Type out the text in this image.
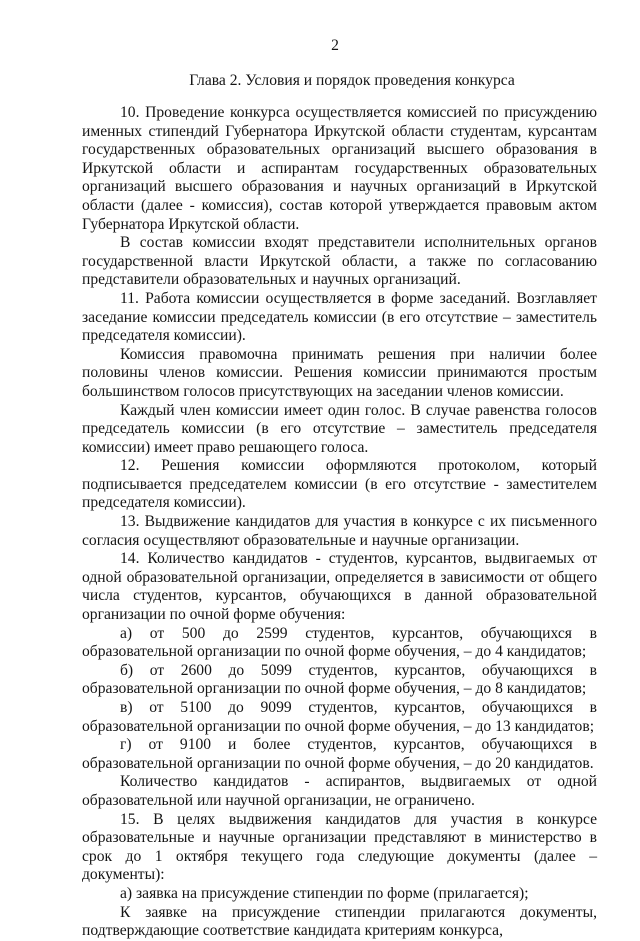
2
Глава 2. Условия и порядок проведения конкурса

10. Проведение конкурса осуществляется комиссией по присуждению именных стипендий Губернатора Иркутской области студентам, курсантам государственных образовательных организаций высшего образования в Иркутской области и аспирантам государственных образовательных организаций высшего образования и научных организаций в Иркутской области (далее - комиссия), состав которой утверждается правовым актом Губернатора Иркутской области.

В состав комиссии входят представители исполнительных органов государственной власти Иркутской области, а также по согласованию представители образовательных и научных организаций.

11. Работа комиссии осуществляется в форме заседаний. Возглавляет заседание комиссии председатель комиссии (в его отсутствие – заместитель председателя комиссии).

Комиссия правомочна принимать решения при наличии более половины членов комиссии. Решения комиссии принимаются простым большинством голосов присутствующих на заседании членов комиссии.

Каждый член комиссии имеет один голос. В случае равенства голосов председатель комиссии (в его отсутствие – заместитель председателя комиссии) имеет право решающего голоса.

12. Решения комиссии оформляются протоколом, который подписывается председателем комиссии (в его отсутствие - заместителем председателя комиссии).

13. Выдвижение кандидатов для участия в конкурсе с их письменного согласия осуществляют образовательные и научные организации.

14. Количество кандидатов - студентов, курсантов, выдвигаемых от одной образовательной организации, определяется в зависимости от общего числа студентов, курсантов, обучающихся в данной образовательной организации по очной форме обучения:

а) от 500 до 2599 студентов, курсантов, обучающихся в образовательной организации по очной форме обучения, – до 4 кандидатов;

б) от 2600 до 5099 студентов, курсантов, обучающихся в образовательной организации по очной форме обучения, – до 8 кандидатов;

в) от 5100 до 9099 студентов, курсантов, обучающихся в образовательной организации по очной форме обучения, – до 13 кандидатов;

г) от 9100 и более студентов, курсантов, обучающихся в образовательной организации по очной форме обучения, – до 20 кандидатов.

Количество кандидатов - аспирантов, выдвигаемых от одной образовательной или научной организации, не ограничено.

15. В целях выдвижения кандидатов для участия в конкурсе образовательные и научные организации представляют в министерство в срок до 1 октября текущего года следующие документы (далее – документы):

а) заявка на присуждение стипендии по форме (прилагается);

К заявке на присуждение стипендии прилагаются документы, подтверждающие соответствие кандидата критериям конкурса,
